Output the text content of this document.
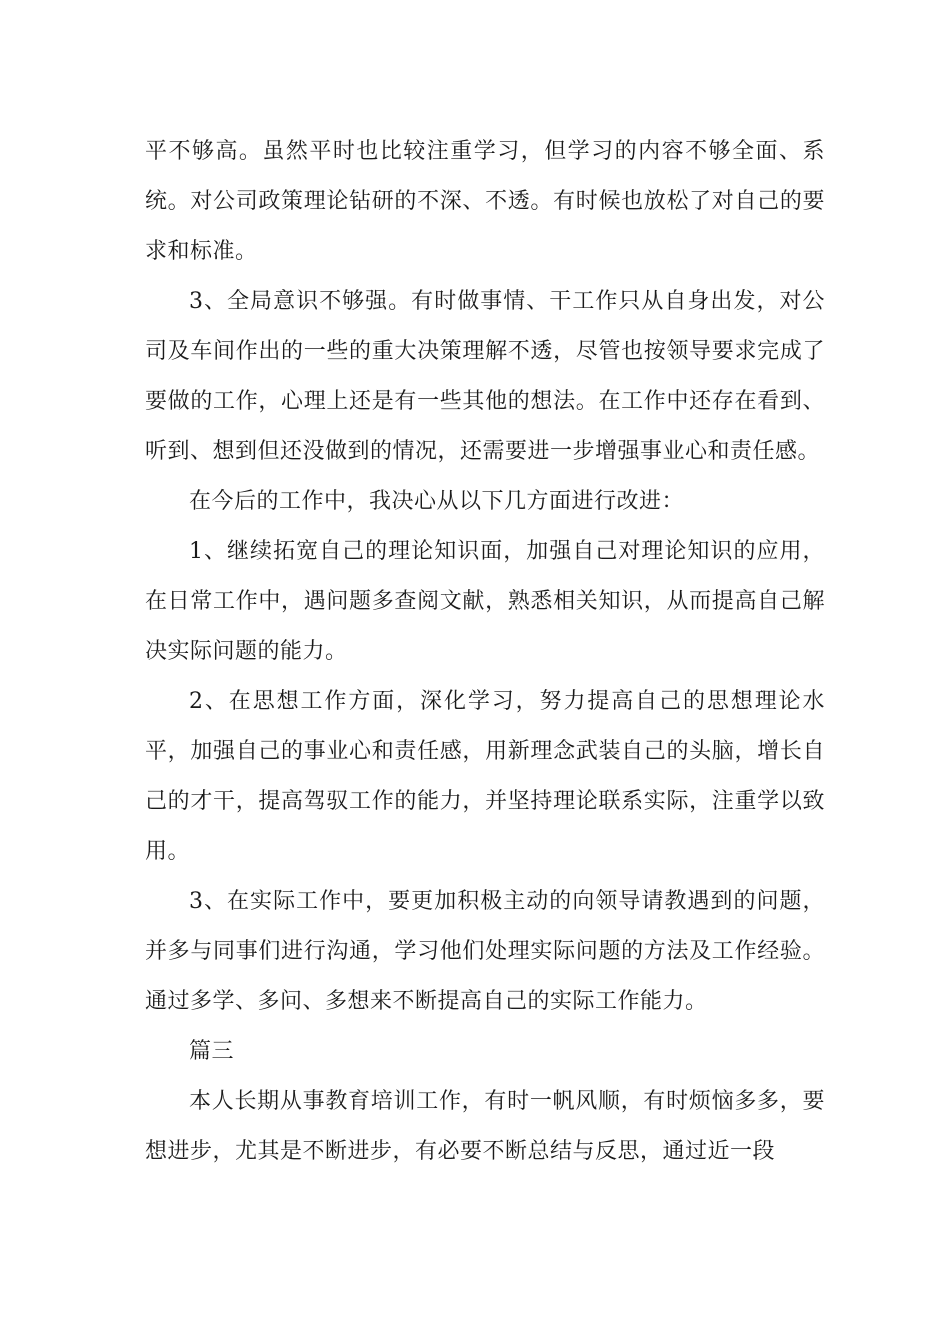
平不够高。虽然平时也比较注重学习，但学习的内容不够全面、系统。对公司政策理论钻研的不深、不透。有时候也放松了对自己的要求和标准。

3、全局意识不够强。有时做事情、干工作只从自身出发，对公司及车间作出的一些的重大决策理解不透，尽管也按领导要求完成了要做的工作，心理上还是有一些其他的想法。在工作中还存在看到、听到、想到但还没做到的情况，还需要进一步增强事业心和责任感。

在今后的工作中，我决心从以下几方面进行改进：

1、继续拓宽自己的理论知识面，加强自己对理论知识的应用，在日常工作中，遇问题多查阅文献，熟悉相关知识，从而提高自己解决实际问题的能力。

2、在思想工作方面，深化学习，努力提高自己的思想理论水平，加强自己的事业心和责任感，用新理念武装自己的头脑，增长自己的才干，提高驾驭工作的能力，并坚持理论联系实际，注重学以致用。

3、在实际工作中，要更加积极主动的向领导请教遇到的问题，并多与同事们进行沟通，学习他们处理实际问题的方法及工作经验。通过多学、多问、多想来不断提高自己的实际工作能力。

篇三

本人长期从事教育培训工作，有时一帆风顺，有时烦恼多多，要想进步，尤其是不断进步，有必要不断总结与反思，通过近一段
